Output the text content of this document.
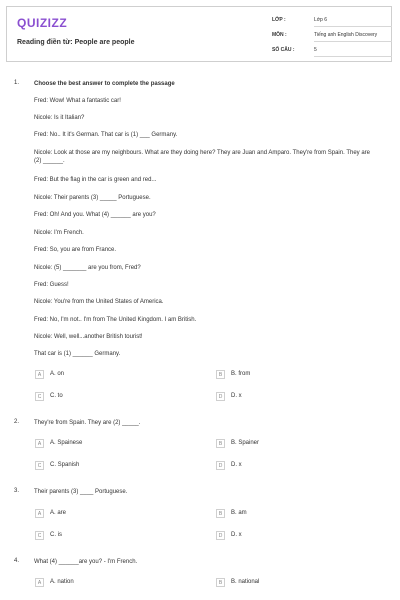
QUIZIZZ
Reading điền từ: People are people
LỚP :	Lớp 6
MÔN :	Tiếng anh English Discovery
SỐ CÂU :	5
1. Choose the best answer to complete the passage
Fred: Wow! What a fantastic car!
Nicole: Is it Italian?
Fred: No.. It it's German. That car is (1) ___ Germany.
Nicole: Look at those are my neighbours. What are they doing here? They are Juan and Amparo. They're from Spain. They are (2) ______.
Fred: But the flag in the car is green and red...
Nicole: Their parents (3) _____ Portuguese.
Fred: Oh! And you. What (4) ______ are you?
Nicole: I'm French.
Fred: So, you are from France.
Nicole: (5) _______ are you from, Fred?
Fred: Guess!
Nicole: You're from the United States of America.
Fred: No, I'm not.. I'm from The United Kingdom. I am British.
Nicole: Well, well...another British tourist!
That car is (1) ______ Germany.
A	A. on	B	B. from
C	C. to	D	D. x
2. They're from Spain. They are (2) _____.
A	A. Spainese	B	B. Spainer
C	C. Spanish	D	D. x
3. Their parents (3) ____ Portuguese.
A	A. are	B	B. am
C	C. is	D	D. x
4. What (4) ______are you? - I'm French.
A	A. nation	B	B. national
